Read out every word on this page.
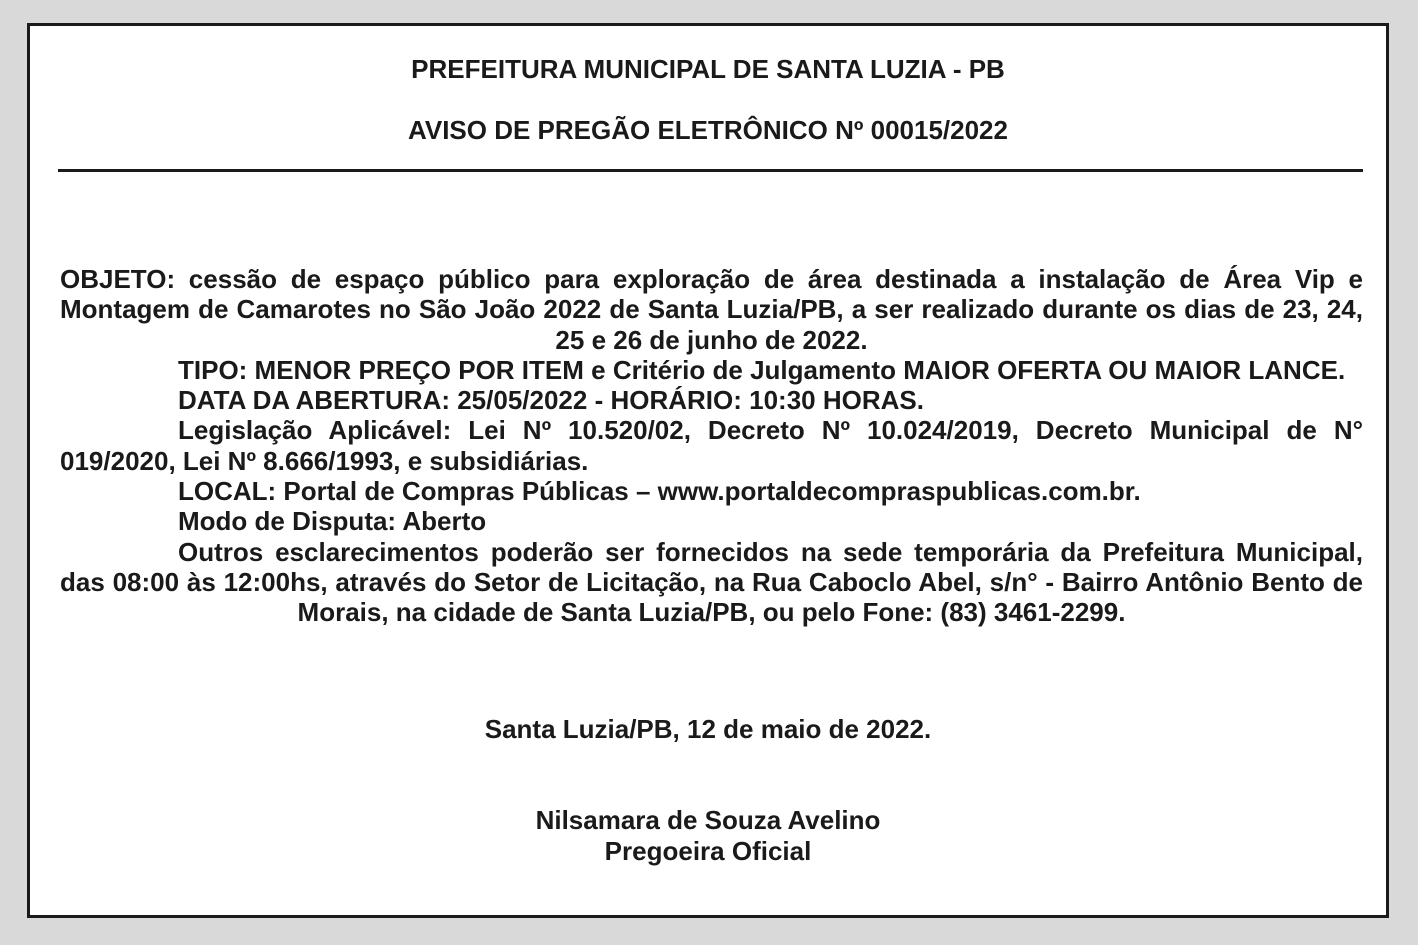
PREFEITURA MUNICIPAL DE SANTA LUZIA - PB
AVISO DE PREGÃO ELETRÔNICO Nº 00015/2022

OBJETO: cessão de espaço público para exploração de área destinada a instalação de Área Vip e Montagem de Camarotes no São João 2022 de Santa Luzia/PB, a ser realizado durante os dias de 23, 24, 25 e 26 de junho de 2022.

TIPO: MENOR PREÇO POR ITEM e Critério de Julgamento MAIOR OFERTA OU MAIOR LANCE.

DATA DA ABERTURA: 25/05/2022 - HORÁRIO: 10:30 HORAS.

Legislação Aplicável: Lei Nº 10.520/02, Decreto Nº 10.024/2019, Decreto Municipal de N° 019/2020, Lei Nº 8.666/1993, e subsidiárias.

LOCAL: Portal de Compras Públicas – www.portaldecompraspublicas.com.br.

Modo de Disputa: Aberto

Outros esclarecimentos poderão ser fornecidos na sede temporária da Prefeitura Municipal, das 08:00 às 12:00hs, através do Setor de Licitação, na Rua Caboclo Abel, s/n° - Bairro Antônio Bento de Morais, na cidade de Santa Luzia/PB, ou pelo Fone: (83) 3461-2299.

Santa Luzia/PB, 12 de maio de 2022.
Nilsamara de Souza Avelino
Pregoeira Oficial
